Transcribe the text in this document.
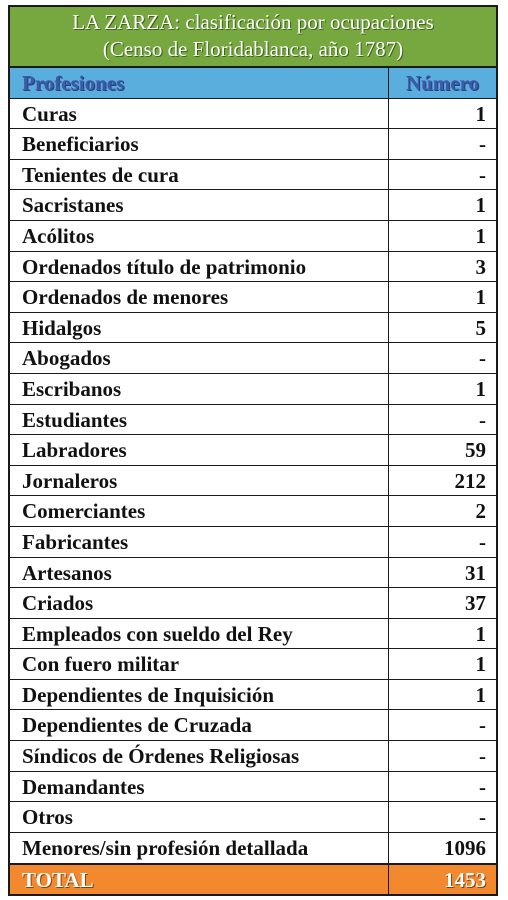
LA ZARZA: clasificación por ocupaciones
(Censo de Floridablanca, año 1787)
Profesiones	Número
Curas	1
Beneficiarios	-
Tenientes de cura	-
Sacristanes	1
Acólitos	1
Ordenados título de patrimonio	3
Ordenados de menores	1
Hidalgos	5
Abogados	-
Escribanos	1
Estudiantes	-
Labradores	59
Jornaleros	212
Comerciantes	2
Fabricantes	-
Artesanos	31
Criados	37
Empleados con sueldo del Rey	1
Con fuero militar	1
Dependientes de Inquisición	1
Dependientes de Cruzada	-
Síndicos de Órdenes Religiosas	-
Demandantes	-
Otros	-
Menores/sin profesión detallada	1096
TOTAL	1453
